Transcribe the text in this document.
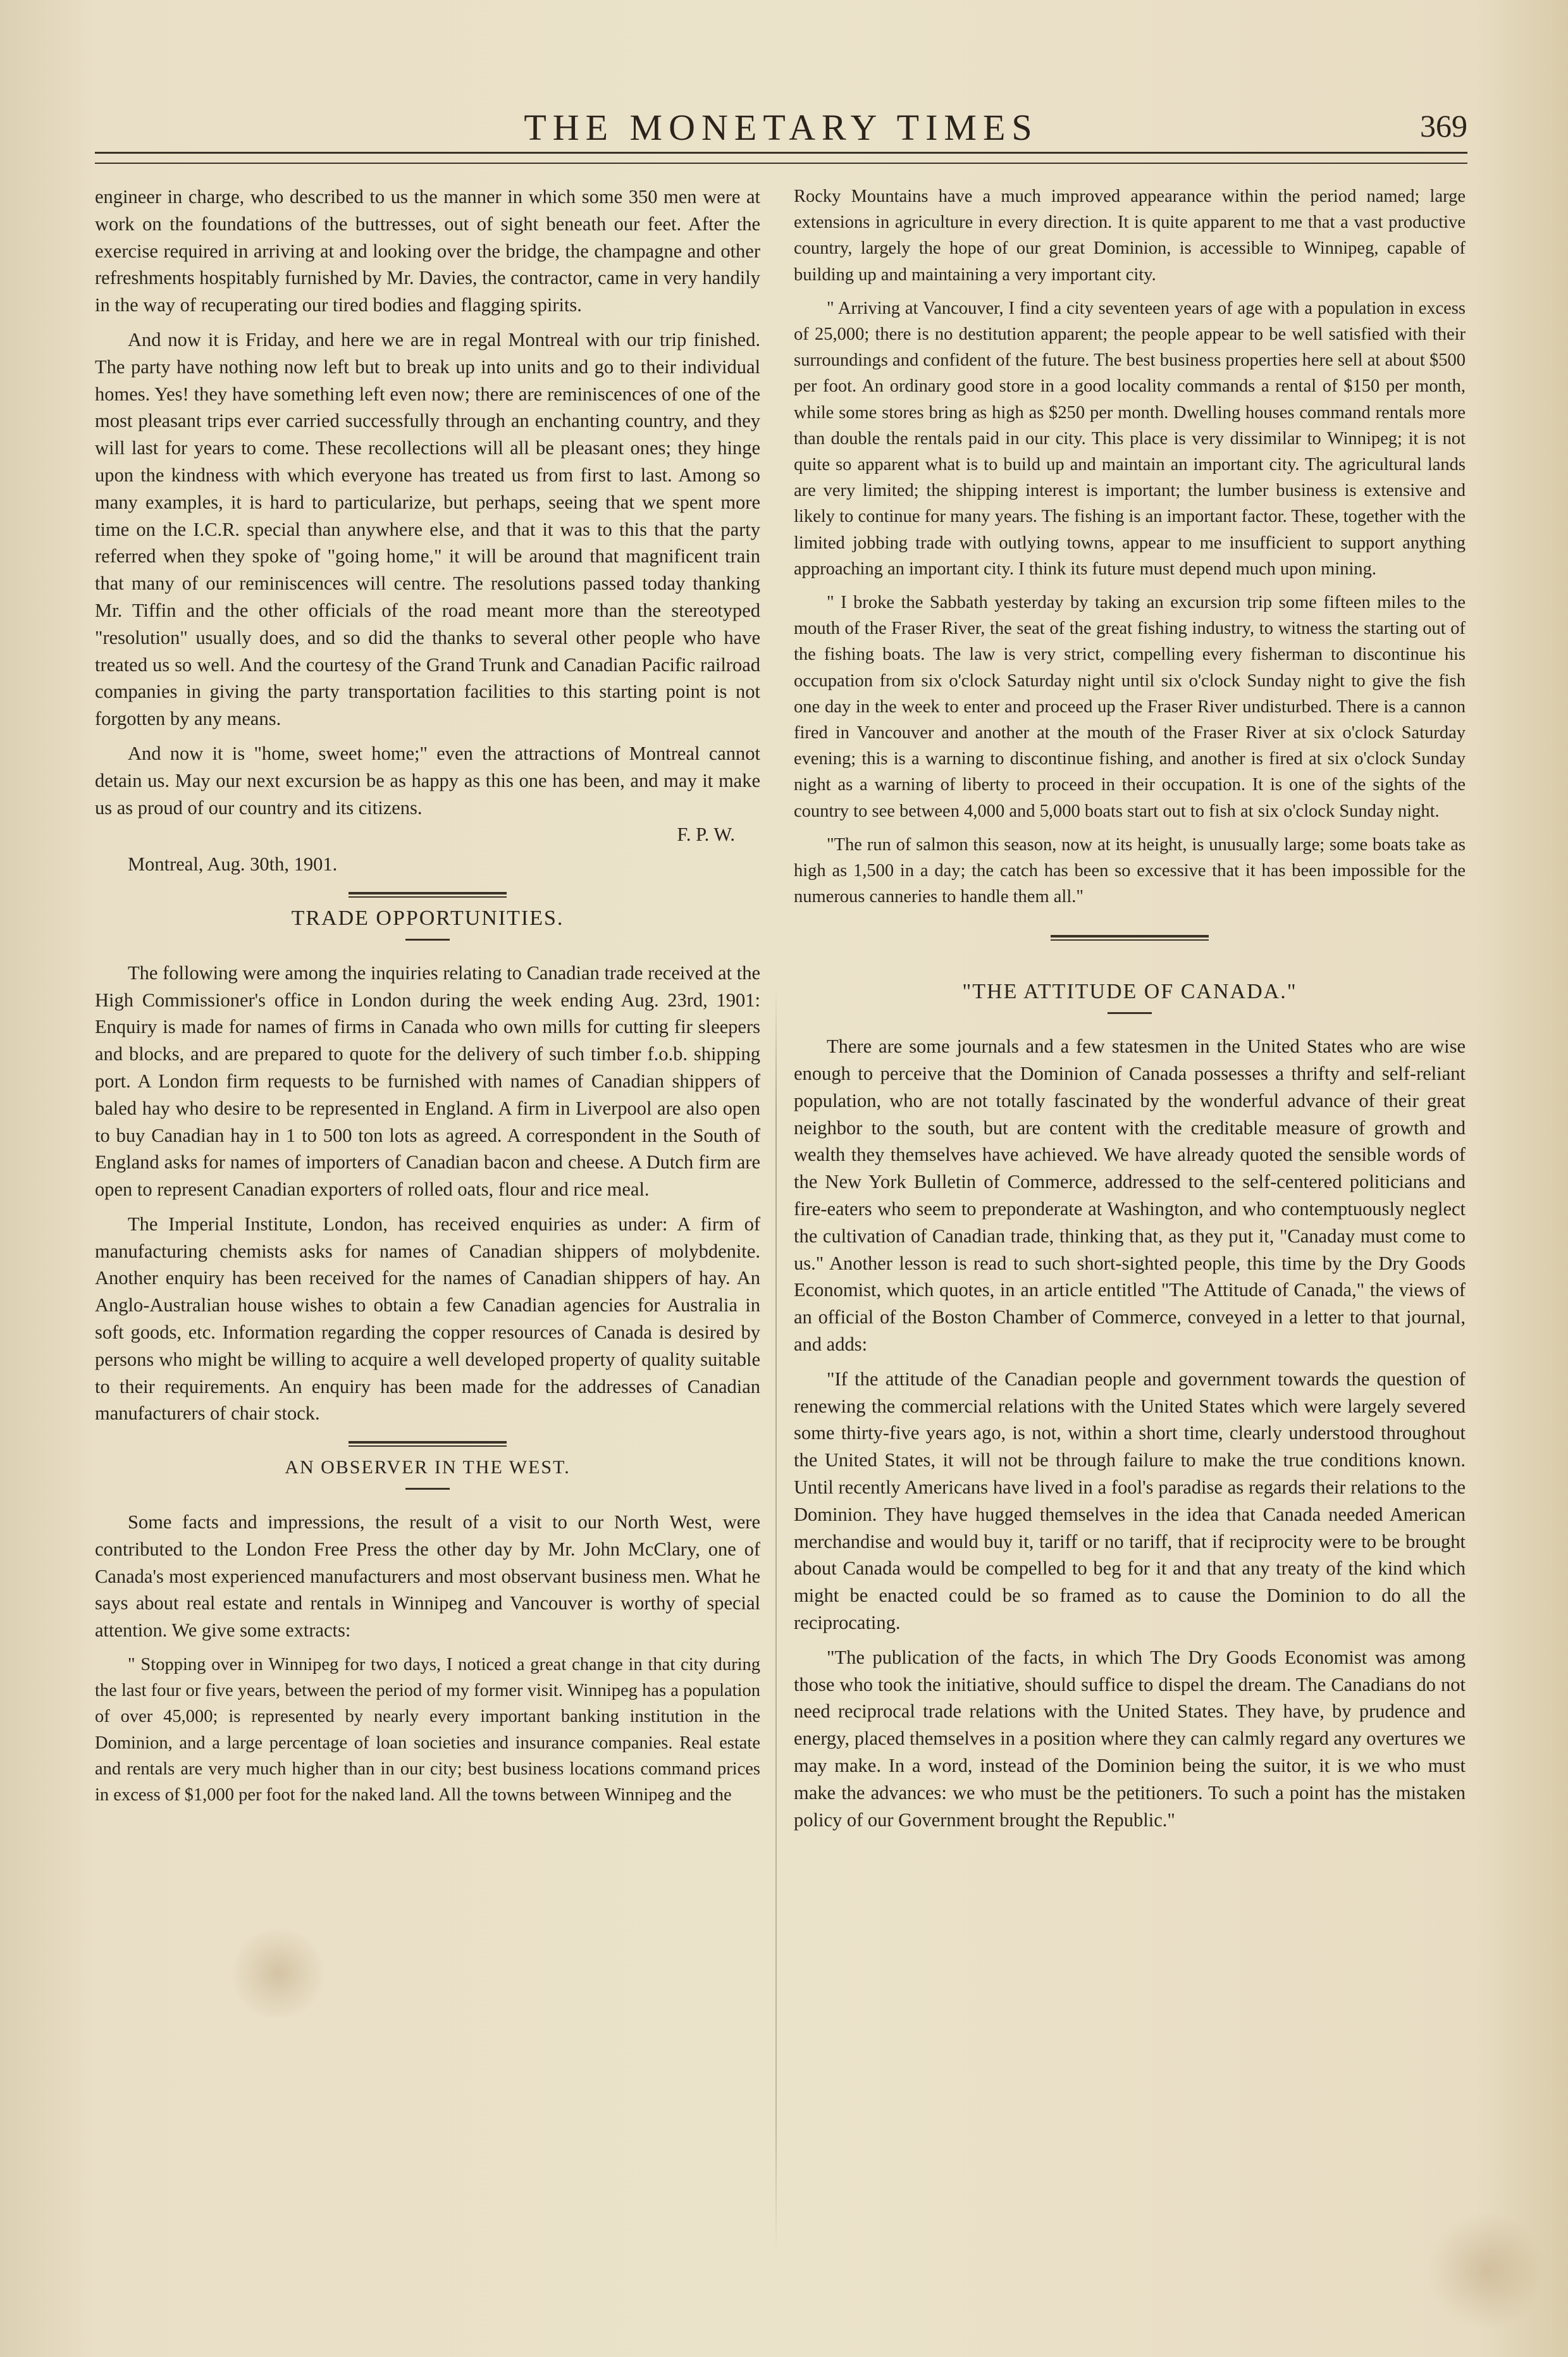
THE MONETARY TIMES	369

engineer in charge, who described to us the manner in which some 350 men were at work on the foundations of the buttresses, out of sight beneath our feet. After the exercise required in arriving at and looking over the bridge, the champagne and other refreshments hospitably furnished by Mr. Davies, the contractor, came in very handily in the way of recuperating our tired bodies and flagging spirits.

And now it is Friday, and here we are in regal Montreal with our trip finished. The party have nothing now left but to break up into units and go to their individual homes. Yes! they have something left even now; there are reminiscences of one of the most pleasant trips ever carried successfully through an enchanting country, and they will last for years to come. These recollections will all be pleasant ones; they hinge upon the kindness with which everyone has treated us from first to last. Among so many examples, it is hard to particularize, but perhaps, seeing that we spent more time on the I.C.R. special than anywhere else, and that it was to this that the party referred when they spoke of "going home," it will be around that magnificent train that many of our reminiscences will centre. The resolutions passed today thanking Mr. Tiffin and the other officials of the road meant more than the stereotyped "resolution" usually does, and so did the thanks to several other people who have treated us so well. And the courtesy of the Grand Trunk and Canadian Pacific railroad companies in giving the party transportation facilities to this starting point is not forgotten by any means.

And now it is "home, sweet home;" even the attractions of Montreal cannot detain us. May our next excursion be as happy as this one has been, and may it make us as proud of our country and its citizens.

F. P. W.

Montreal, Aug. 30th, 1901.

TRADE OPPORTUNITIES.

The following were among the inquiries relating to Canadian trade received at the High Commissioner's office in London during the week ending Aug. 23rd, 1901: Enquiry is made for names of firms in Canada who own mills for cutting fir sleepers and blocks, and are prepared to quote for the delivery of such timber f.o.b. shipping port. A London firm requests to be furnished with names of Canadian shippers of baled hay who desire to be represented in England. A firm in Liverpool are also open to buy Canadian hay in 1 to 500 ton lots as agreed. A correspondent in the South of England asks for names of importers of Canadian bacon and cheese. A Dutch firm are open to represent Canadian exporters of rolled oats, flour and rice meal.

The Imperial Institute, London, has received enquiries as under: A firm of manufacturing chemists asks for names of Canadian shippers of molybdenite. Another enquiry has been received for the names of Canadian shippers of hay. An Anglo-Australian house wishes to obtain a few Canadian agencies for Australia in soft goods, etc. Information regarding the copper resources of Canada is desired by persons who might be willing to acquire a well developed property of quality suitable to their requirements. An enquiry has been made for the addresses of Canadian manufacturers of chair stock.

AN OBSERVER IN THE WEST.

Some facts and impressions, the result of a visit to our North West, were contributed to the London Free Press the other day by Mr. John McClary, one of Canada's most experienced manufacturers and most observant business men. What he says about real estate and rentals in Winnipeg and Vancouver is worthy of special attention. We give some extracts:

" Stopping over in Winnipeg for two days, I noticed a great change in that city during the last four or five years, between the period of my former visit. Winnipeg has a population of over 45,000; is represented by nearly every important banking institution in the Dominion, and a large percentage of loan societies and insurance companies. Real estate and rentals are very much higher than in our city; best business locations command prices in excess of $1,000 per foot for the naked land. All the towns between Winnipeg and the

Rocky Mountains have a much improved appearance within the period named; large extensions in agriculture in every direction. It is quite apparent to me that a vast productive country, largely the hope of our great Dominion, is accessible to Winnipeg, capable of building up and maintaining a very important city.

" Arriving at Vancouver, I find a city seventeen years of age with a population in excess of 25,000; there is no destitution apparent; the people appear to be well satisfied with their surroundings and confident of the future. The best business properties here sell at about $500 per foot. An ordinary good store in a good locality commands a rental of $150 per month, while some stores bring as high as $250 per month. Dwelling houses command rentals more than double the rentals paid in our city. This place is very dissimilar to Winnipeg; it is not quite so apparent what is to build up and maintain an important city. The agricultural lands are very limited; the shipping interest is important; the lumber business is extensive and likely to continue for many years. The fishing is an important factor. These, together with the limited jobbing trade with outlying towns, appear to me insufficient to support anything approaching an important city. I think its future must depend much upon mining.

" I broke the Sabbath yesterday by taking an excursion trip some fifteen miles to the mouth of the Fraser River, the seat of the great fishing industry, to witness the starting out of the fishing boats. The law is very strict, compelling every fisherman to discontinue his occupation from six o'clock Saturday night until six o'clock Sunday night to give the fish one day in the week to enter and proceed up the Fraser River undisturbed. There is a cannon fired in Vancouver and another at the mouth of the Fraser River at six o'clock Saturday evening; this is a warning to discontinue fishing, and another is fired at six o'clock Sunday night as a warning of liberty to proceed in their occupation. It is one of the sights of the country to see between 4,000 and 5,000 boats start out to fish at six o'clock Sunday night.

"The run of salmon this season, now at its height, is unusually large; some boats take as high as 1,500 in a day; the catch has been so excessive that it has been impossible for the numerous canneries to handle them all."

"THE ATTITUDE OF CANADA."

There are some journals and a few statesmen in the United States who are wise enough to perceive that the Dominion of Canada possesses a thrifty and self-reliant population, who are not totally fascinated by the wonderful advance of their great neighbor to the south, but are content with the creditable measure of growth and wealth they themselves have achieved. We have already quoted the sensible words of the New York Bulletin of Commerce, addressed to the self-centered politicians and fire-eaters who seem to preponderate at Washington, and who contemptuously neglect the cultivation of Canadian trade, thinking that, as they put it, "Canaday must come to us." Another lesson is read to such short-sighted people, this time by the Dry Goods Economist, which quotes, in an article entitled "The Attitude of Canada," the views of an official of the Boston Chamber of Commerce, conveyed in a letter to that journal, and adds:

"If the attitude of the Canadian people and government towards the question of renewing the commercial relations with the United States which were largely severed some thirty-five years ago, is not, within a short time, clearly understood throughout the United States, it will not be through failure to make the true conditions known. Until recently Americans have lived in a fool's paradise as regards their relations to the Dominion. They have hugged themselves in the idea that Canada needed American merchandise and would buy it, tariff or no tariff, that if reciprocity were to be brought about Canada would be compelled to beg for it and that any treaty of the kind which might be enacted could be so framed as to cause the Dominion to do all the reciprocating.

"The publication of the facts, in which The Dry Goods Economist was among those who took the initiative, should suffice to dispel the dream. The Canadians do not need reciprocal trade relations with the United States. They have, by prudence and energy, placed themselves in a position where they can calmly regard any overtures we may make. In a word, instead of the Dominion being the suitor, it is we who must make the advances: we who must be the petitioners. To such a point has the mistaken policy of our Government brought the Republic."
